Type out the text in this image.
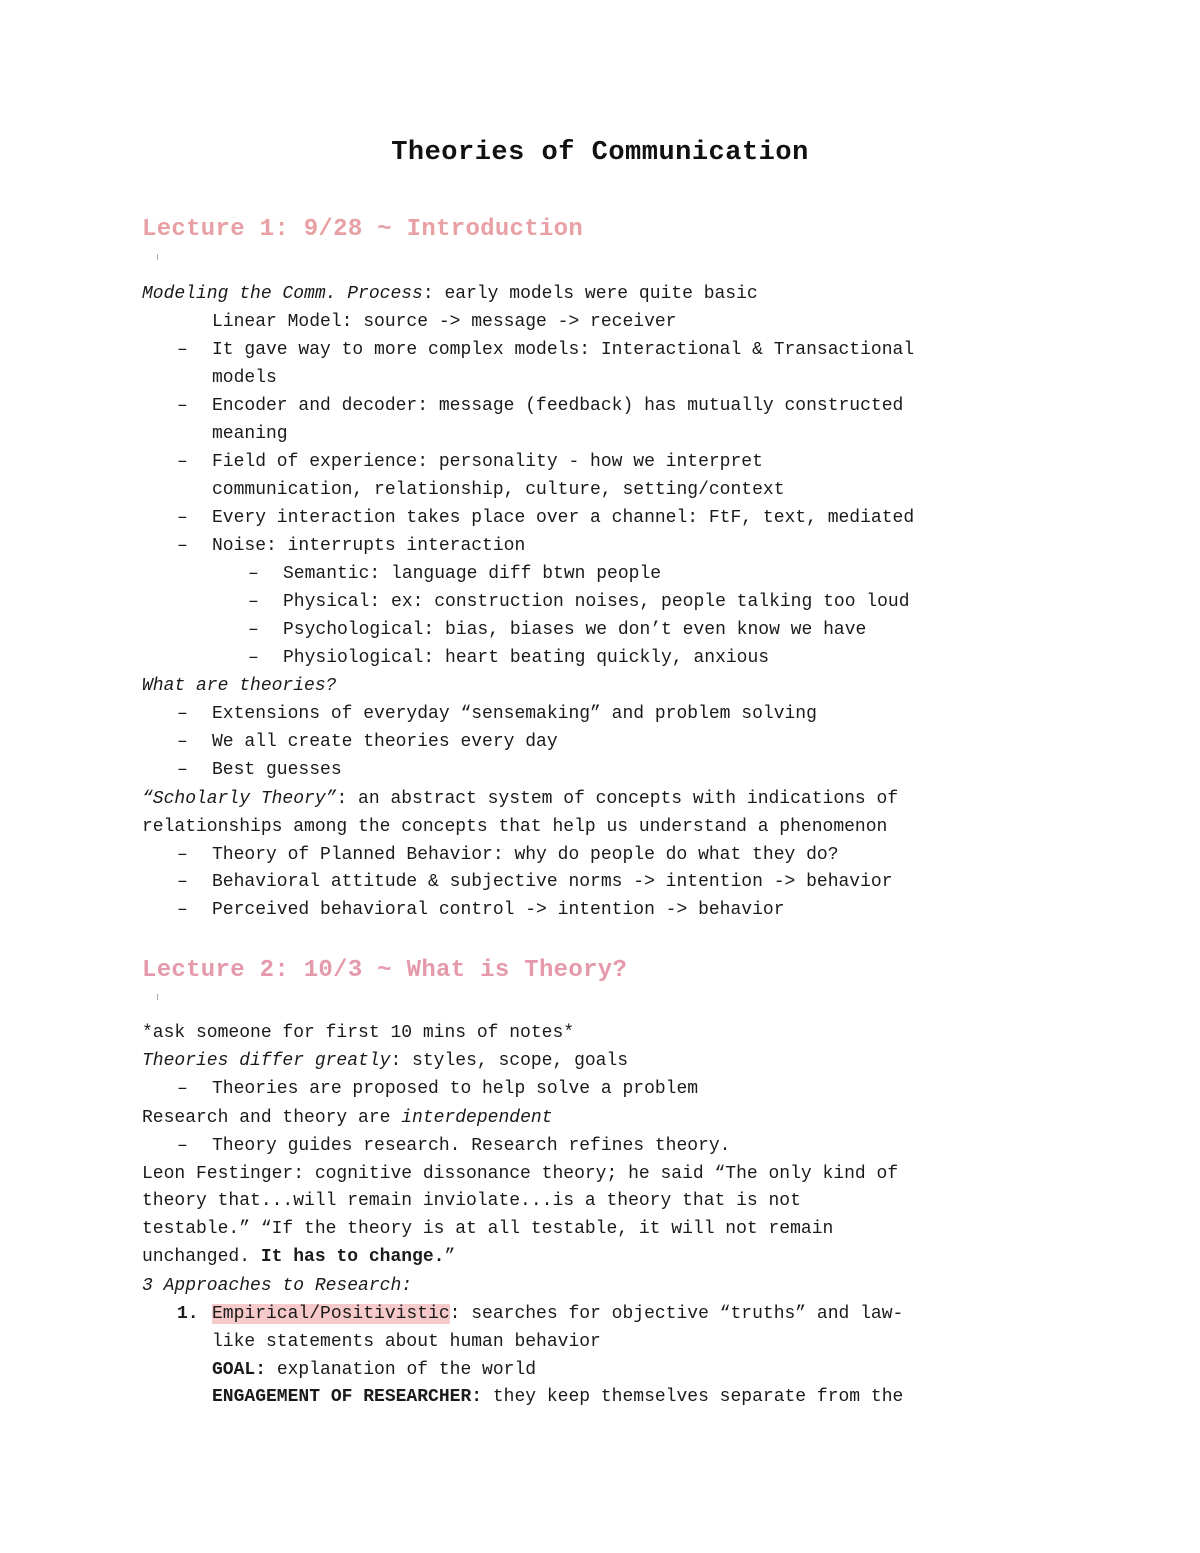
Theories of Communication
Lecture 1: 9/28 ~ Introduction
Modeling the Comm. Process: early models were quite basic
Linear Model: source -> message -> receiver
– It gave way to more complex models: Interactional & Transactional
models
– Encoder and decoder: message (feedback) has mutually constructed
meaning
– Field of experience: personality - how we interpret
communication, relationship, culture, setting/context
– Every interaction takes place over a channel: FtF, text, mediated
– Noise: interrupts interaction
– Semantic: language diff btwn people
– Physical: ex: construction noises, people talking too loud
– Psychological: bias, biases we don’t even know we have
– Physiological: heart beating quickly, anxious
What are theories?
– Extensions of everyday “sensemaking” and problem solving
– We all create theories every day
– Best guesses
“Scholarly Theory”: an abstract system of concepts with indications of
relationships among the concepts that help us understand a phenomenon
– Theory of Planned Behavior: why do people do what they do?
– Behavioral attitude & subjective norms -> intention -> behavior
– Perceived behavioral control -> intention -> behavior
Lecture 2: 10/3 ~ What is Theory?
*ask someone for first 10 mins of notes*
Theories differ greatly: styles, scope, goals
– Theories are proposed to help solve a problem
Research and theory are interdependent
– Theory guides research. Research refines theory.
Leon Festinger: cognitive dissonance theory; he said “The only kind of
theory that...will remain inviolate...is a theory that is not
testable.” “If the theory is at all testable, it will not remain
unchanged. It has to change.”
3 Approaches to Research:
1. Empirical/Positivistic: searches for objective “truths” and law-
like statements about human behavior
GOAL: explanation of the world
ENGAGEMENT OF RESEARCHER: they keep themselves separate from the
